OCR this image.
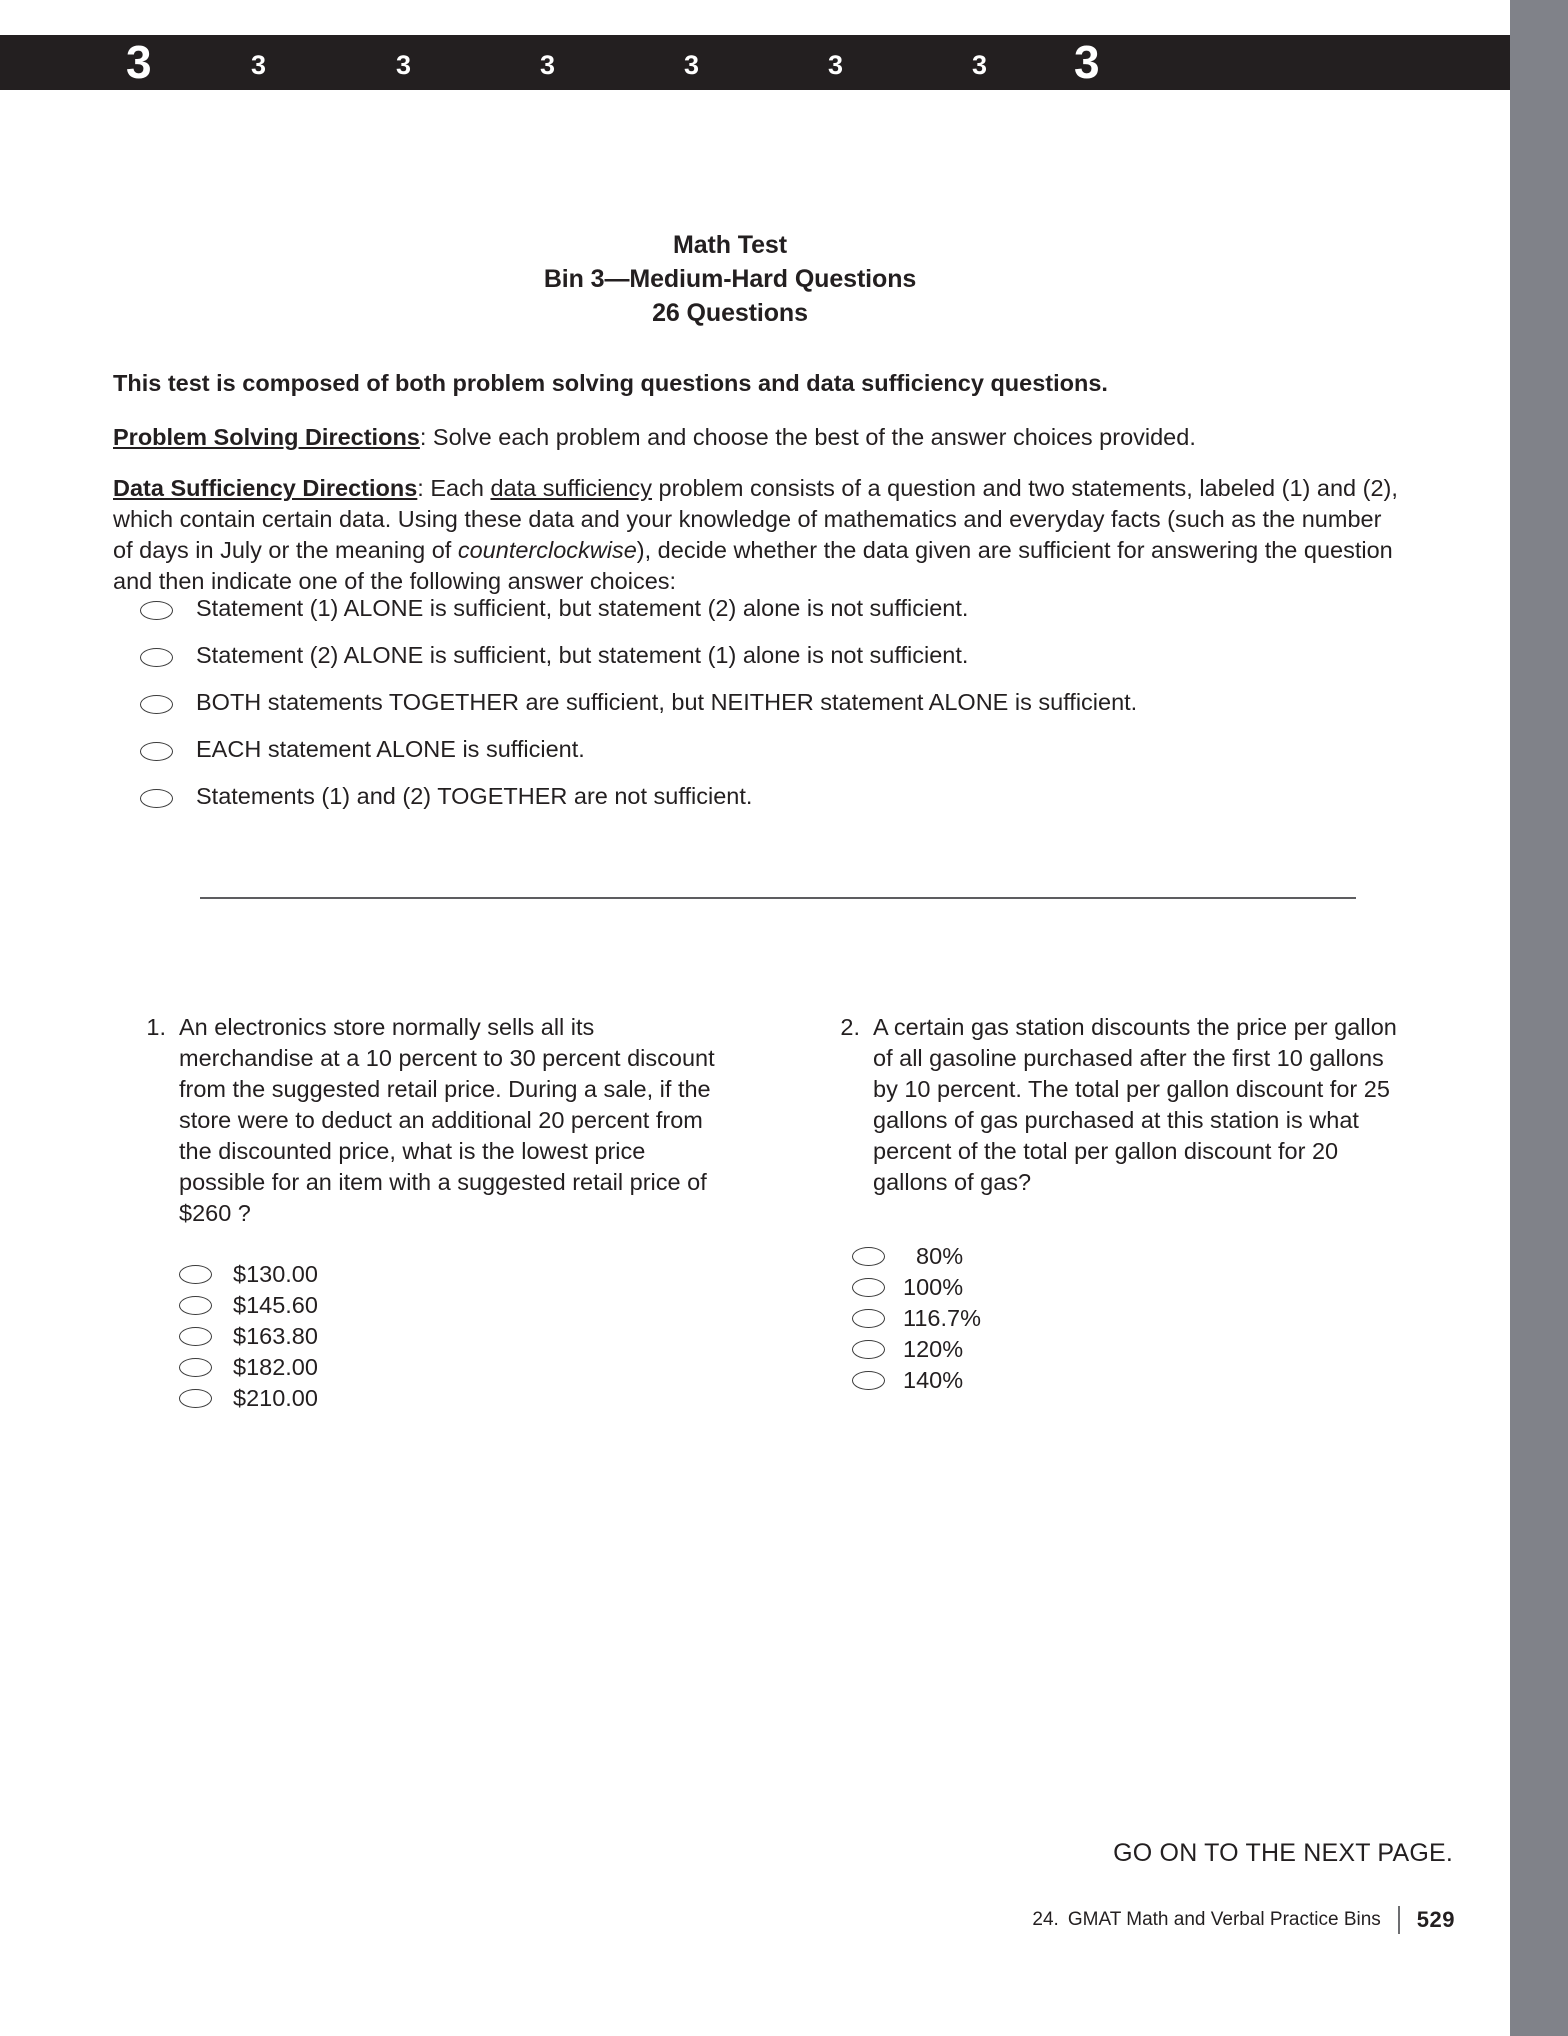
3	3	3	3	3	3	3 3
Math Test
Bin 3—Medium-Hard Questions
26 Questions

This test is composed of both problem solving questions and data sufficiency questions.

Problem Solving Directions: Solve each problem and choose the best of the answer choices provided.

Data Sufficiency Directions: Each data sufficiency problem consists of a question and two statements, labeled (1) and (2), which contain certain data. Using these data and your knowledge of mathematics and everyday facts (such as the number of days in July or the meaning of counterclockwise), decide whether the data given are sufficient for answering the question and then indicate one of the following answer choices:

Statement (1) ALONE is sufficient, but statement (2) alone is not sufficient.
Statement (2) ALONE is sufficient, but statement (1) alone is not sufficient.
BOTH statements TOGETHER are sufficient, but NEITHER statement ALONE is sufficient.
EACH statement ALONE is sufficient.
Statements (1) and (2) TOGETHER are not sufficient.
1. An electronics store normally sells all its merchandise at a 10 percent to 30 percent discount from the suggested retail price. During a sale, if the store were to deduct an additional 20 percent from the discounted price, what is the lowest price possible for an item with a suggested retail price of $260 ?
$130.00
$145.60
$163.80
$182.00
$210.00
2. A certain gas station discounts the price per gallon of all gasoline purchased after the first 10 gallons by 10 percent. The total per gallon discount for 25 gallons of gas purchased at this station is what percent of the total per gallon discount for 20 gallons of gas?
80%
100%
116.7%
120%
140%
GO ON TO THE NEXT PAGE.
24. GMAT Math and Verbal Practice Bins 529
